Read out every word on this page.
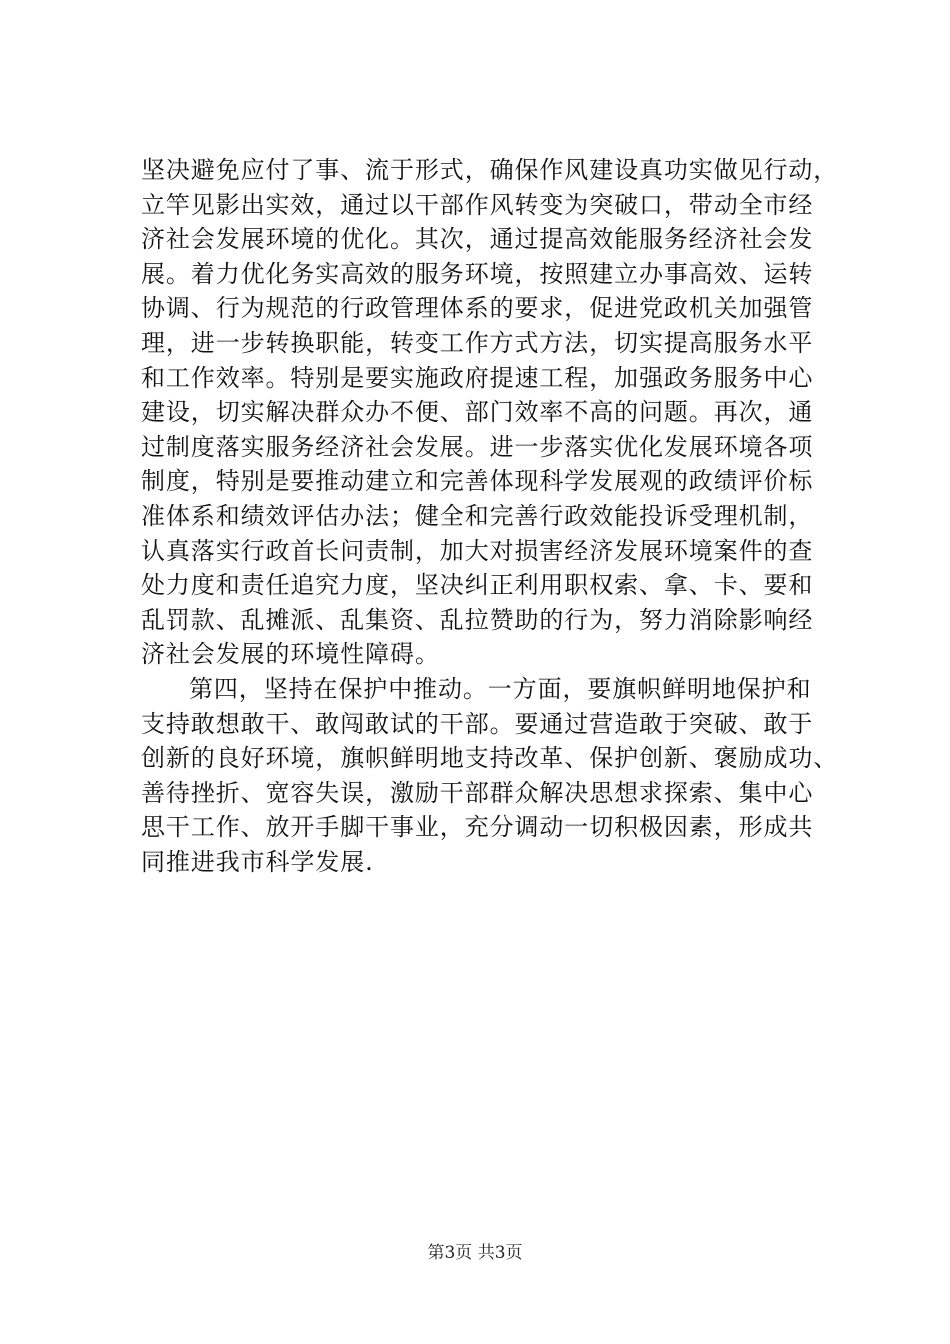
坚决避免应付了事、流于形式，确保作风建设真功实做见行动，
立竿见影出实效，通过以干部作风转变为突破口，带动全市经
济社会发展环境的优化。其次，通过提高效能服务经济社会发
展。着力优化务实高效的服务环境，按照建立办事高效、运转
协调、行为规范的行政管理体系的要求，促进党政机关加强管
理，进一步转换职能，转变工作方式方法，切实提高服务水平
和工作效率。特别是要实施政府提速工程，加强政务服务中心
建设，切实解决群众办不便、部门效率不高的问题。再次，通
过制度落实服务经济社会发展。进一步落实优化发展环境各项
制度，特别是要推动建立和完善体现科学发展观的政绩评价标
准体系和绩效评估办法；健全和完善行政效能投诉受理机制，
认真落实行政首长问责制，加大对损害经济发展环境案件的查
处力度和责任追究力度，坚决纠正利用职权索、拿、卡、要和
乱罚款、乱摊派、乱集资、乱拉赞助的行为，努力消除影响经
济社会发展的环境性障碍。
第四，坚持在保护中推动。一方面，要旗帜鲜明地保护和
支持敢想敢干、敢闯敢试的干部。要通过营造敢于突破、敢于
创新的良好环境，旗帜鲜明地支持改革、保护创新、褒励成功、
善待挫折、宽容失误，激励干部群众解决思想求探索、集中心
思干工作、放开手脚干事业，充分调动一切积极因素，形成共
同推进我市科学发展.
第3页 共3页
